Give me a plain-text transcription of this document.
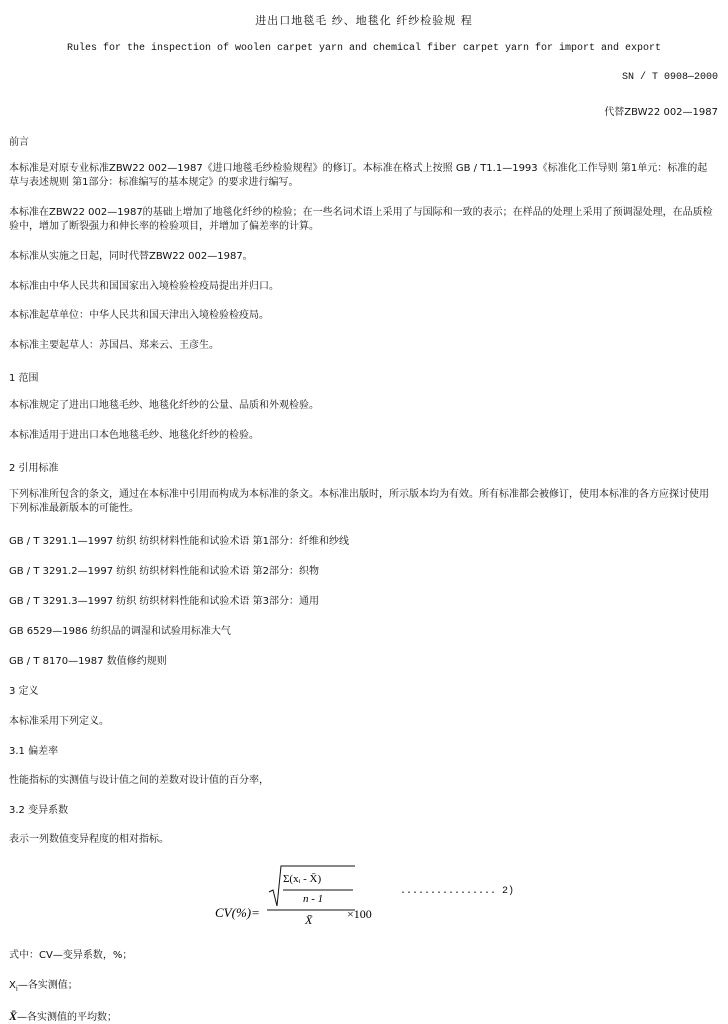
进出口地毯毛 纱、地毯化 纤纱检验规 程
Rules for the inspection of woolen carpet yarn and chemical fiber carpet yarn for import and export
SN / T 0908—2000
代替ZBW22 002—1987
前言
本标准是对原专业标准ZBW22 002—1987《进口地毯毛纱检验规程》的修订。本标准在格式上按照 GB / T1.1—1993《标准化工作导则 第1单元：标准的起草与表述规则 第1部分：标准编写的基本规定》的要求进行编写。
本标准在ZBW22 002—1987的基础上增加了地毯化纤纱的检验；在一些名词术语上采用了与国际和一致的表示；在样品的处理上采用了预调湿处理，在品质检验中，增加了断裂强力和伸长率的检验项目，并增加了偏差率的计算。
本标准从实施之日起，同时代替ZBW22 002—1987。
本标准由中华人民共和国国家出入境检验检疫局提出并归口。
本标准起草单位：中华人民共和国天津出入境检验检疫局。
本标准主要起草人：苏国昌、郑来云、王彦生。
1 范围
本标准规定了进出口地毯毛纱、地毯化纤纱的公量、品质和外观检验。
本标准适用于进出口本色地毯毛纱、地毯化纤纱的检验。
2 引用标准
下列标准所包含的条文，通过在本标准中引用而构成为本标准的条文。本标准出版时，所示版本均为有效。所有标准都会被修订，使用本标准的各方应探讨使用下列标准最新版本的可能性。
GB / T 3291.1—1997 纺织 纺织材料性能和试验术语 第1部分：纤维和纱线
GB / T 3291.2—1997 纺织 纺织材料性能和试验术语 第2部分：织物
GB / T 3291.3—1997 纺织 纺织材料性能和试验术语 第3部分：通用
GB 6529—1986 纺织品的调湿和试验用标准大气
GB / T 8170—1987 数值修约规则
3 定义
本标准采用下列定义。
3.1 偏差率
性能指标的实测值与设计值之间的差数对设计值的百分率，
3.2 变异系数
表示一列数值变异程度的相对指标。
CV(%)=
Σ(xᵢ - X̄)
n - 1
X̄	×100
................ 2)
式中：CV—变异系数，%；
$X_i—$各实测值；
X̄—各实测值的平均数；
